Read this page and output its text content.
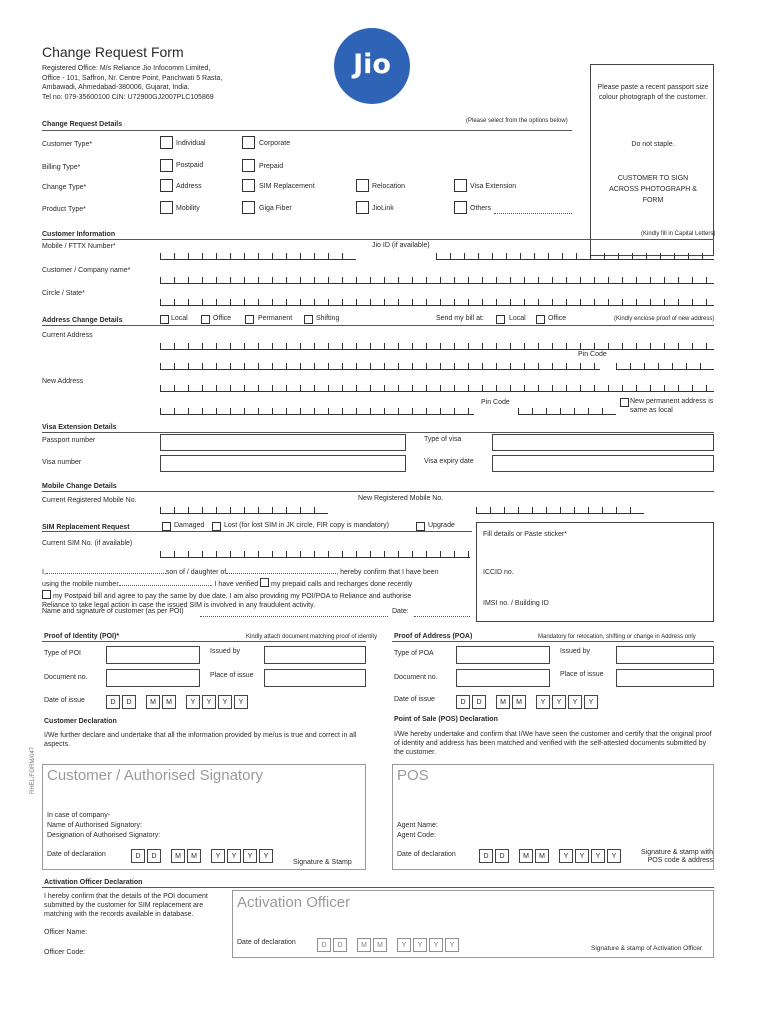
Change Request Form
Registered Office: M/s Reliance Jio Infocomm Limited,
Office - 101, Saffron, Nr. Centre Point, Panchwati 5 Rasta,
Ambawadi, Ahmedabad-380006, Gujarat, India.
Tel no: 079-35600100 CIN: U72900GJ2007PLC105869
Jio
Please paste a recent passport size colour photograph of the customer.
Do not staple.
CUSTOMER TO SIGN ACROSS PHOTOGRAPH & FORM
Change Request Details	(Please select from the options below)
Customer Type*	Individual	Corporate
Billing Type*	Postpaid	Prepaid
Change Type*	Address	SIM Replacement	Relocation	Visa Extension
Product Type*	Mobility	Giga Fiber	JioLink	Others
Customer Information	(Kindly fill in Capital Letters)
Mobile / FTTX Number*	Jio ID (if available)
Customer / Company name*
Circle / State*
Address Change Details	Local	Office	Permanent	Shifting	Send my bill at:	Local	Office	(Kindly enclose proof of new address)
Current Address
Pin Code
New Address
Pin Code	New permanent address is same as local
Visa Extension Details
Passport number	Type of visa
Visa number	Visa expiry date
Mobile Change Details
Current Registered Mobile No.	New Registered Mobile No.
SIM Replacement Request	Damaged	Lost (for lost SIM in JK circle, FIR copy is mandatory)	Upgrade
Current SIM No. (if available)
Fill details or Paste sticker*
ICCID no.
IMSI no. / Building ID
I,	son of / daughter of	, hereby confirm that I have been
using the mobile number	. I have verified my prepaid calls and recharges done recently
my Postpaid bill and agree to pay the same by due date. I am also providing my POI/POA to Reliance and authorise
Reliance to take legal action in case the issued SIM is involved in any fraudulent activity.
Name and signature of customer (as per POI)	Date:
Proof of Identity (POI)*	Kindly attach document matching proof of identity
Type of POI	Issued by
Document no.	Place of issue
Date of issue	D	D	M	M	Y	Y	Y	Y
Proof of Address (POA)	Mandatory for relocation, shifting or change in Address only
Type of POA	Issued by
Document no.	Place of issue
Date of issue	D	D	M	M	Y	Y	Y	Y
Customer Declaration
I/We further declare and undertake that all the information provided by me/us is true and correct in all aspects.
RHEL/FORM/047 Customer / Authorised Signatory
In case of company-
Name of Authorised Signatory:
Designation of Authorised Signatory:
Date of declaration	D	D	M	M	Y	Y	Y	Y
Signature & Stamp
Point of Sale (POS) Declaration
I/We hereby undertake and confirm that I/We have seen the customer and certify that the original proof of identity and address has been matched and verified with the self-attested documents submitted by the customer.
POS
Agent Name:
Agent Code:
Date of declaration	D	D	M	M	Y	Y	Y	Y
Signature & stamp with POS code & address
Activation Officer Declaration
I hereby confirm that the details of the POI document submitted by the customer for SIM replacement are matching with the records available in database.
Officer Name:
Officer Code:
Activation Officer
Date of declaration	D	D	M	M	Y	Y	Y	Y	Signature & stamp of Activation Officer
